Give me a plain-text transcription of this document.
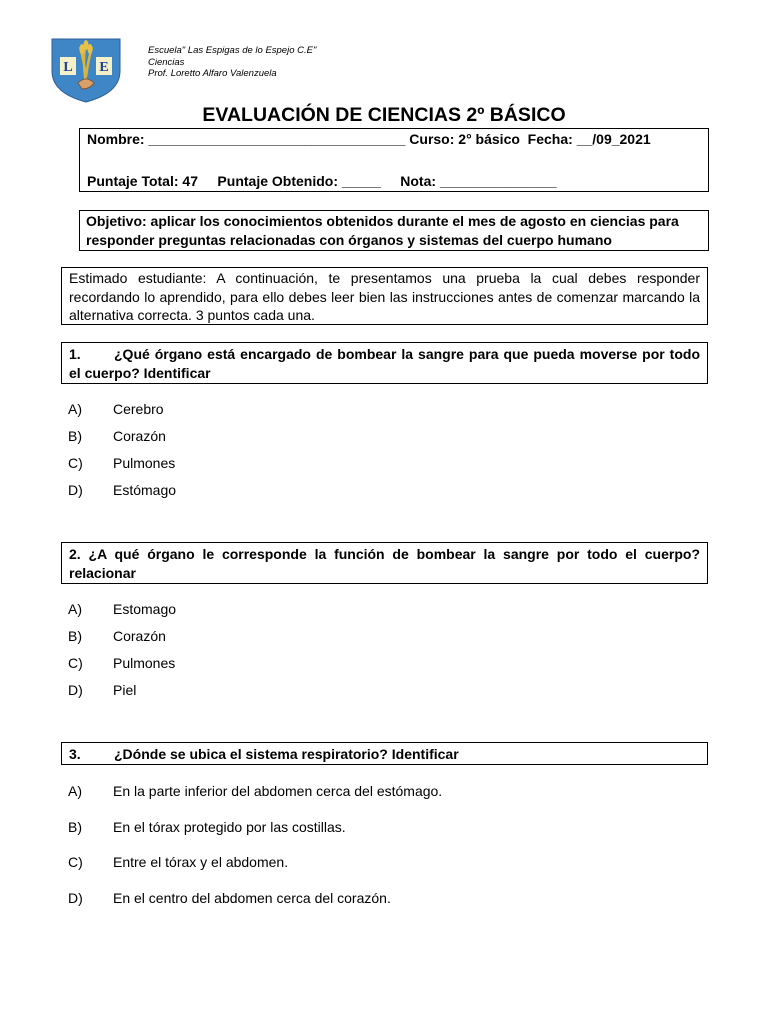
L E
Escuela" Las Espigas de lo Espejo C.E"
Ciencias
Prof. Loretto Alfaro Valenzuela
EVALUACIÓN DE CIENCIAS 2º BÁSICO
Nombre: _________________________________ Curso: 2° básico  Fecha: __/09_2021
Puntaje Total: 47     Puntaje Obtenido: _____     Nota: _______________
Objetivo: aplicar los conocimientos obtenidos durante el mes de agosto en ciencias para responder preguntas relacionadas con órganos y sistemas del cuerpo humano
Estimado estudiante: A continuación, te presentamos una prueba la cual debes responder recordando lo aprendido, para ello debes leer bien las instrucciones antes de comenzar marcando la alternativa correcta. 3 puntos cada una.
1. ¿Qué órgano está encargado de bombear la sangre para que pueda moverse por todo el cuerpo? Identificar
A) Cerebro
B) Corazón
C) Pulmones
D) Estómago
2. ¿A qué órgano le corresponde la función de bombear la sangre por todo el cuerpo? relacionar
A) Estomago
B) Corazón
C) Pulmones
D) Piel
3. ¿Dónde se ubica el sistema respiratorio? Identificar
A) En la parte inferior del abdomen cerca del estómago.
B) En el tórax protegido por las costillas.
C) Entre el tórax y el abdomen.
D) En el centro del abdomen cerca del corazón.
